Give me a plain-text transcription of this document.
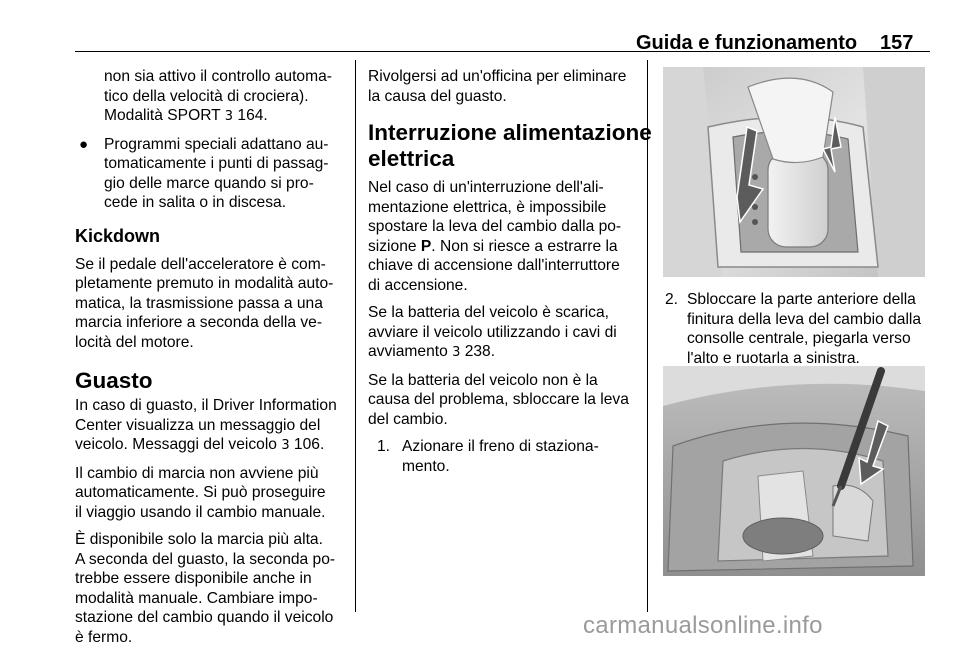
Guida e funzionamento 157
non sia attivo il controllo automa-
tico della velocità di crociera).
Modalità SPORT 3 164.
● Programmi speciali adattano au-
tomaticamente i punti di passag-
gio delle marce quando si pro-
cede in salita o in discesa.
Kickdown

Se il pedale dell'acceleratore è com-
pletamente premuto in modalità auto-
matica, la trasmissione passa a una
marcia inferiore a seconda della ve-
locità del motore.

Guasto

In caso di guasto, il Driver Information
Center visualizza un messaggio del
veicolo. Messaggi del veicolo 3 106.

Il cambio di marcia non avviene più
automaticamente. Si può proseguire
il viaggio usando il cambio manuale.

È disponibile solo la marcia più alta.
A seconda del guasto, la seconda po-
trebbe essere disponibile anche in
modalità manuale. Cambiare impo-
stazione del cambio quando il veicolo
è fermo.

Rivolgersi ad un'officina per eliminare
la causa del guasto.

Interruzione alimentazione
elettrica

Nel caso di un'interruzione dell'ali-
mentazione elettrica, è impossibile
spostare la leva del cambio dalla po-
sizione P. Non si riesce a estrarre la
chiave di accensione dall'interruttore
di accensione.

Se la batteria del veicolo è scarica,
avviare il veicolo utilizzando i cavi di
avviamento 3 238.

Se la batteria del veicolo non è la
causa del problema, sbloccare la leva
del cambio.

1. Azionare il freno di staziona-
mento.
2. Sbloccare la parte anteriore della
finitura della leva del cambio dalla
consolle centrale, piegarla verso
l'alto e ruotarla a sinistra.
carmanualsonline.info
